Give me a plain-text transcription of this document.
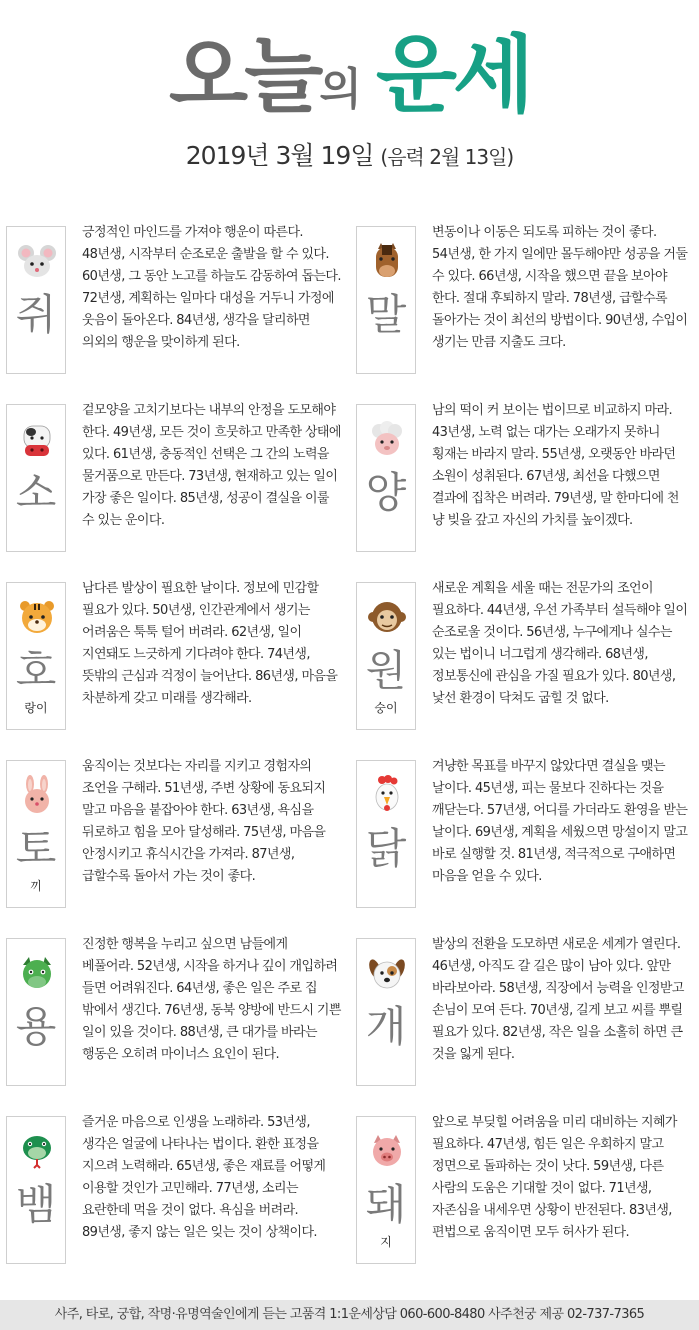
오늘의 운세
2019년 3월 19일 (음력 2월 13일)
쥐
긍정적인 마인드를 가져야 행운이 따른다. 48년생, 시작부터 순조로운 출발을 할 수 있다. 60년생, 그 동안 노고를 하늘도 감동하여 돕는다. 72년생, 계획하는 일마다 대성을 거두니 가정에 웃음이 돌아온다. 84년생, 생각을 달리하면 의외의 행운을 맞이하게 된다.
소
겉모양을 고치기보다는 내부의 안정을 도모해야 한다. 49년생, 모든 것이 흐뭇하고 만족한 상태에 있다. 61년생, 충동적인 선택은 그 간의 노력을 물거품으로 만든다. 73년생, 현재하고 있는 일이 가장 좋은 일이다. 85년생, 성공이 결실을 이룰 수 있는 운이다.
호
랑이
남다른 발상이 필요한 날이다. 정보에 민감할 필요가 있다. 50년생, 인간관계에서 생기는 어려움은 툭툭 털어 버려라. 62년생, 일이 지연돼도 느긋하게 기다려야 한다. 74년생, 뜻밖의 근심과 걱정이 늘어난다. 86년생, 마음을 차분하게 갖고 미래를 생각해라.
토
끼
움직이는 것보다는 자리를 지키고 경험자의 조언을 구해라. 51년생, 주변 상황에 동요되지 말고 마음을 붙잡아야 한다. 63년생, 욕심을 뒤로하고 힘을 모아 달성해라. 75년생, 마음을 안정시키고 휴식시간을 가져라. 87년생, 급할수록 돌아서 가는 것이 좋다.
용
진정한 행복을 누리고 싶으면 남들에게 베풀어라. 52년생, 시작을 하거나 깊이 개입하려 들면 어려워진다. 64년생, 좋은 일은 주로 집 밖에서 생긴다. 76년생, 동북 양방에 반드시 기쁜 일이 있을 것이다. 88년생, 큰 대가를 바라는 행동은 오히려 마이너스 요인이 된다.
뱀
즐거운 마음으로 인생을 노래하라. 53년생, 생각은 얼굴에 나타나는 법이다. 환한 표정을 지으려 노력해라. 65년생, 좋은 재료를 어떻게 이용할 것인가 고민해라. 77년생, 소리는 요란한데 먹을 것이 없다. 욕심을 버려라. 89년생, 좋지 않는 일은 잊는 것이 상책이다.
말
변동이나 이동은 되도록 피하는 것이 좋다. 54년생, 한 가지 일에만 몰두해야만 성공을 거둘 수 있다. 66년생, 시작을 했으면 끝을 보아야 한다. 절대 후퇴하지 말라. 78년생, 급할수록 돌아가는 것이 최선의 방법이다. 90년생, 수입이 생기는 만큼 지출도 크다.
양
남의 떡이 커 보이는 법이므로 비교하지 마라. 43년생, 노력 없는 대가는 오래가지 못하니 횡재는 바라지 말라. 55년생, 오랫동안 바라던 소원이 성취된다. 67년생, 최선을 다했으면 결과에 집착은 버려라. 79년생, 말 한마디에 천 냥 빚을 갚고 자신의 가치를 높이겠다.
원
숭이
새로운 계획을 세울 때는 전문가의 조언이 필요하다. 44년생, 우선 가족부터 설득해야 일이 순조로울 것이다. 56년생, 누구에게나 실수는 있는 법이니 너그럽게 생각해라. 68년생, 정보통신에 관심을 가질 필요가 있다. 80년생, 낯선 환경이 닥쳐도 굽힐 것 없다.
닭
겨냥한 목표를 바꾸지 않았다면 결실을 맺는 날이다. 45년생, 피는 물보다 진하다는 것을 깨닫는다. 57년생, 어디를 가더라도 환영을 받는 날이다. 69년생, 계획을 세웠으면 망설이지 말고 바로 실행할 것. 81년생, 적극적으로 구애하면 마음을 얻을 수 있다.
개
발상의 전환을 도모하면 새로운 세계가 열린다. 46년생, 아직도 갈 길은 많이 남아 있다. 앞만 바라보아라. 58년생, 직장에서 능력을 인정받고 손님이 모여 든다. 70년생, 길게 보고 씨를 뿌릴 필요가 있다. 82년생, 작은 일을 소홀히 하면 큰 것을 잃게 된다.
돼
지
앞으로 부딪힐 어려움을 미리 대비하는 지혜가 필요하다. 47년생, 힘든 일은 우회하지 말고 정면으로 돌파하는 것이 낫다. 59년생, 다른 사람의 도움은 기대할 것이 없다. 71년생, 자존심을 내세우면 상황이 반전된다. 83년생, 편법으로 움직이면 모두 허사가 된다.
사주, 타로, 궁합, 작명·유명역술인에게 듣는 고품격 1:1운세상담 060-600-8480 사주천궁 제공 02-737-7365
